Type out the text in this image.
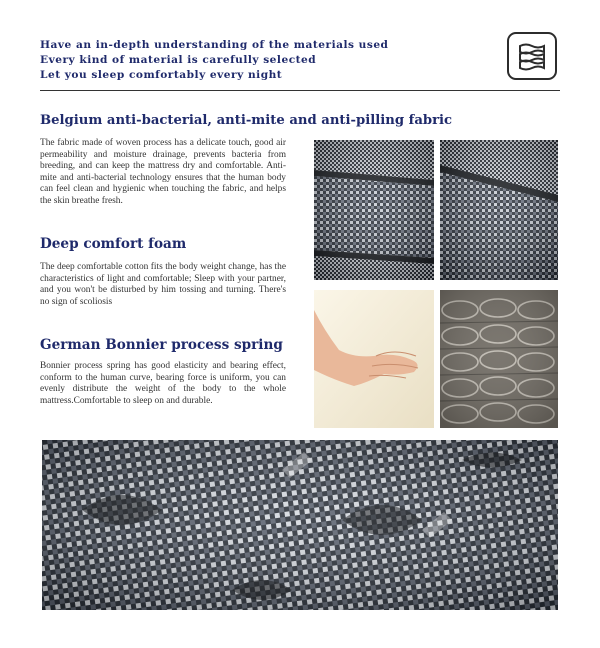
Have an in-depth understanding of the materials used
Every kind of material is carefully selected
Let you sleep comfortably every night
Belgium anti-bacterial, anti-mite and anti-pilling fabric
The fabric made of woven process has a delicate touch, good air permeability and moisture drainage, prevents bacteria from breeding, and can keep the mattress dry and comfortable. Anti-mite and anti-bacterial technology ensures that the human body can feel clean and hygienic when touching the fabric, and helps the skin breathe fresh.
Deep comfort foam
The deep comfortable cotton fits the body weight change, has the characteristics of light and comfortable; Sleep with your partner, and you won't be disturbed by him tossing and turning. There's no sign of scoliosis
German Bonnier process spring
Bonnier process spring has good elasticity and bearing effect, conform to the human curve, bearing force is uniform, you can evenly distribute the weight of the body to the whole mattress.Comfortable to sleep on and durable.
